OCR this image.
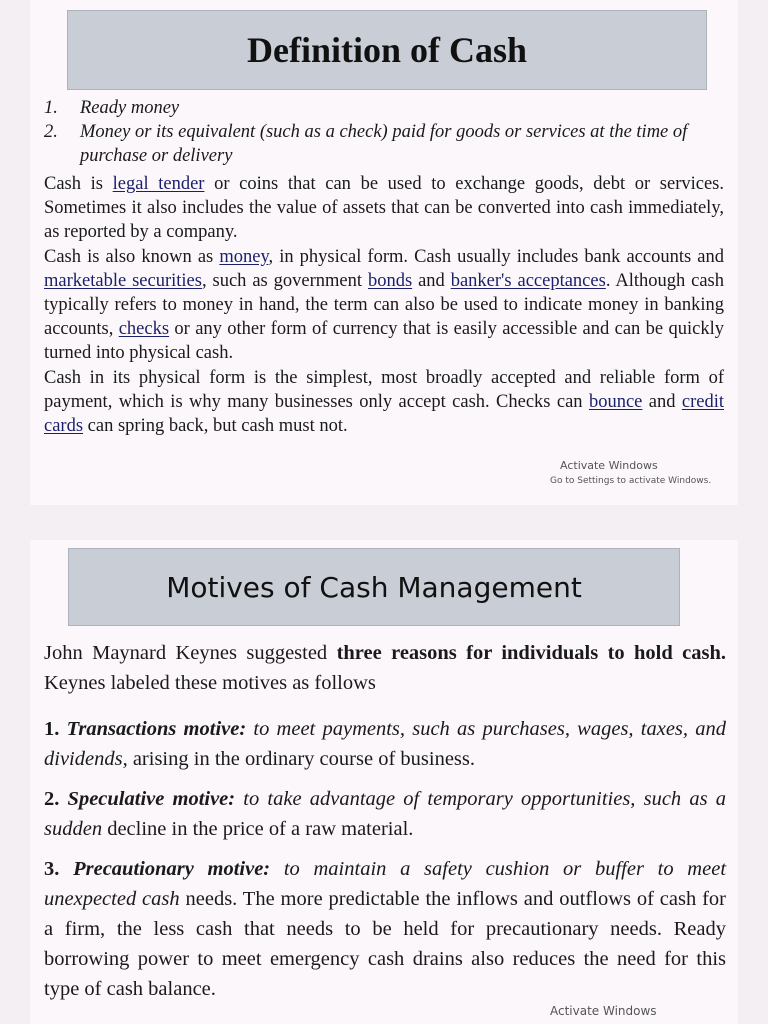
Definition of Cash
1.	Ready money
2.	Money or its equivalent (such as a check) paid for goods or services at the time of purchase or delivery

Cash is legal tender or coins that can be used to exchange goods, debt or services. Sometimes it also includes the value of assets that can be converted into cash immediately, as reported by a company.

Cash is also known as money, in physical form. Cash usually includes bank accounts and marketable securities, such as government bonds and banker's acceptances. Although cash typically refers to money in hand, the term can also be used to indicate money in banking accounts, checks or any other form of currency that is easily accessible and can be quickly turned into physical cash.

Cash in its physical form is the simplest, most broadly accepted and reliable form of payment, which is why many businesses only accept cash. Checks can bounce and credit cards can spring back, but cash must not.

Activate Windows
Go to Settings to activate Windows.
Motives of Cash Management

John Maynard Keynes suggested three reasons for individuals to hold cash. Keynes labeled these motives as follows

1. Transactions motive: to meet payments, such as purchases, wages, taxes, and dividends, arising in the ordinary course of business.

2. Speculative motive: to take advantage of temporary opportunities, such as a sudden decline in the price of a raw material.

3. Precautionary motive: to maintain a safety cushion or buffer to meet unexpected cash needs. The more predictable the inflows and outflows of cash for a firm, the less cash that needs to be held for precautionary needs. Ready borrowing power to meet emergency cash drains also reduces the need for this type of cash balance.

Activate Windows
